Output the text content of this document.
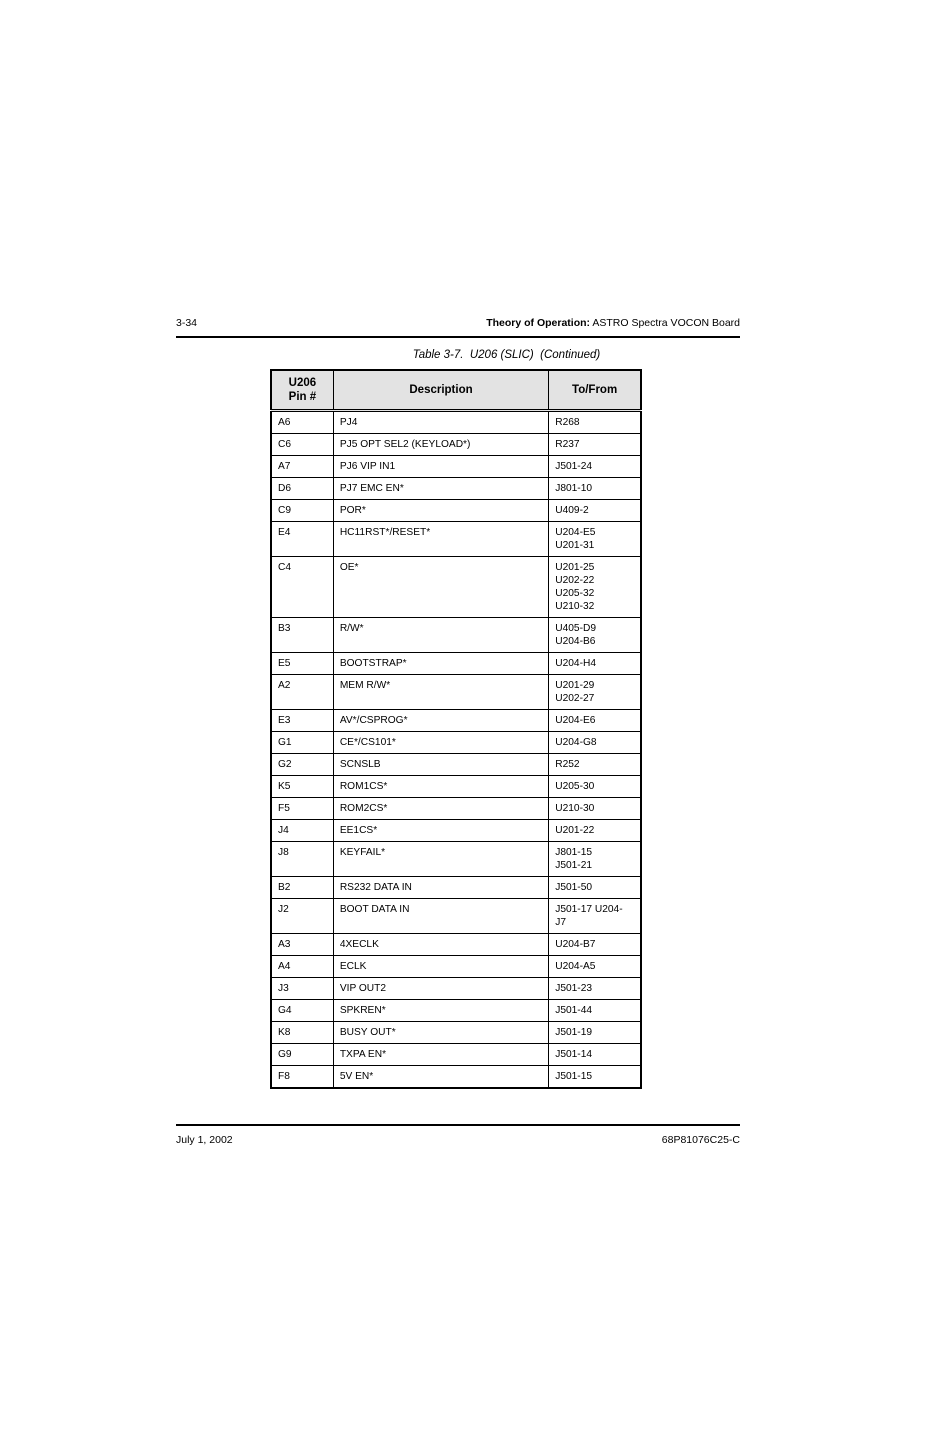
3-34	Theory of Operation: ASTRO Spectra VOCON Board
Table 3-7.  U206 (SLIC)  (Continued)
U206
Pin #	Description	To/From
A6	PJ4	R268

C6	PJ5 OPT SEL2 (KEYLOAD*)	R237

A7	PJ6 VIP IN1	J501-24

D6	PJ7 EMC EN*	J801-10

C9	POR*	U409-2

E4	HC11RST*/RESET*	U204-E5
U201-31

C4	OE*	U201-25
U202-22
U205-32
U210-32

B3	R/W*	U405-D9
U204-B6

E5	BOOTSTRAP*	U204-H4

A2	MEM R/W*	U201-29
U202-27

E3	AV*/CSPROG*	U204-E6

G1	CE*/CS101*	U204-G8

G2	SCNSLB	R252

K5	ROM1CS*	U205-30

F5	ROM2CS*	U210-30

J4	EE1CS*	U201-22

J8	KEYFAIL*	J801-15
J501-21

B2	RS232 DATA IN	J501-50

J2	BOOT DATA IN	J501-17 U204-
J7

A3	4XECLK	U204-B7

A4	ECLK	U204-A5

J3	VIP OUT2	J501-23

G4	SPKREN*	J501-44

K8	BUSY OUT*	J501-19

G9	TXPA EN*	J501-14

F8	5V EN*	J501-15
July 1, 2002	68P81076C25-C
